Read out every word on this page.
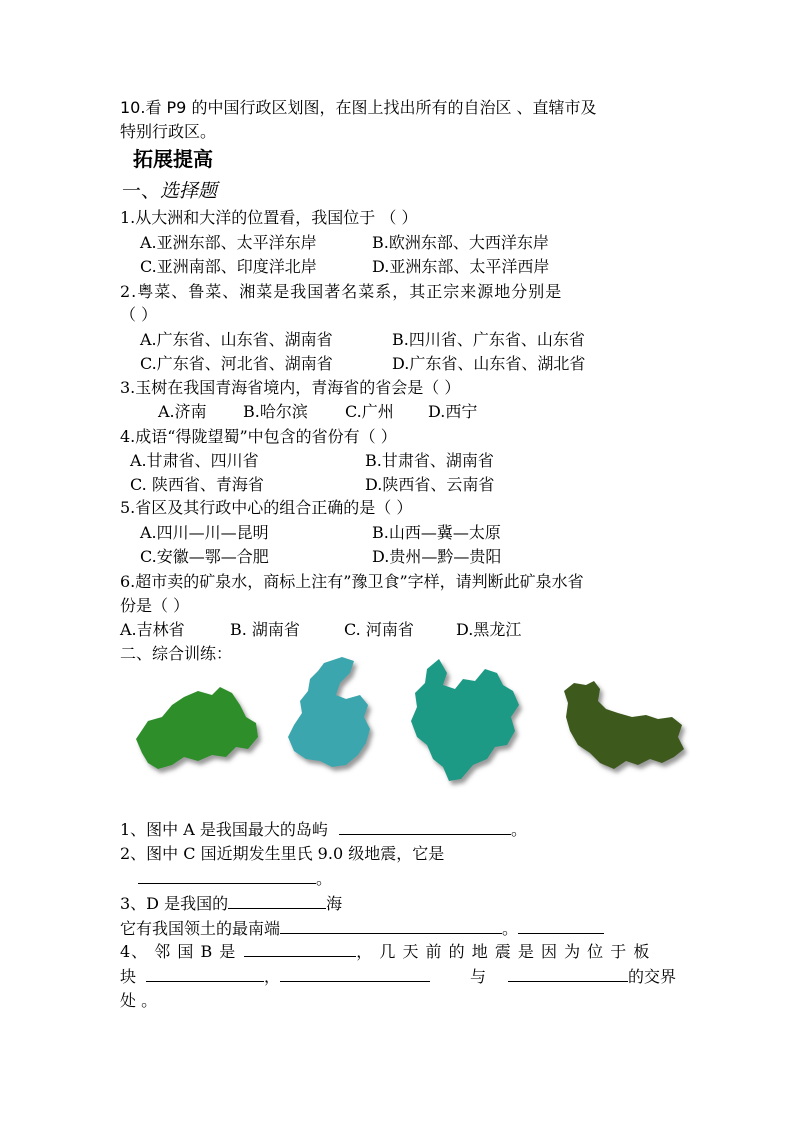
10.看 P9 的中国行政区划图，在图上找出所有的自治区 、直辖市及
特别行政区。
拓展提高
一、选择题
1.从大洲和大洋的位置看，我国位于 （ ）
A.亚洲东部、太平洋东岸	B.欧洲东部、大西洋东岸
C.亚洲南部、印度洋北岸	D.亚洲东部、太平洋西岸
2.粤菜、鲁菜、湘菜是我国著名菜系，其正宗来源地分别是
（ ）
A.广东省、山东省、湖南省	B.四川省、广东省、山东省
C.广东省、河北省、湖南省	D.广东省、山东省、湖北省
3.玉树在我国青海省境内，青海省的省会是（ ）
A.济南 B.哈尔滨 C.广州 D.西宁
4.成语“得陇望蜀”中包含的省份有（ ）
A.甘肃省、四川省	B.甘肃省、湖南省
C. 陕西省、青海省	D.陕西省、云南省
5.省区及其行政中心的组合正确的是（ ）
A.四川—川—昆明	B.山西—冀—太原
C.安徽—鄂—合肥	D.贵州—黔—贵阳
6.超市卖的矿泉水，商标上注有”豫卫食”字样，请判断此矿泉水省
份是（ ）
A.吉林省	B. 湖南省	C. 河南省	D.黑龙江
二、综合训练：
1、图中 A 是我国最大的岛屿	。
2、图中 C 国近期发生里氏 9.0 级地震，它是
。
3、D 是我国的	海
它有我国领土的最南端	。
4、 邻 国 B 是	， 几 天 前 的 地 震 是 因 为 位 于 板
块	，	与	的交界
处 。
